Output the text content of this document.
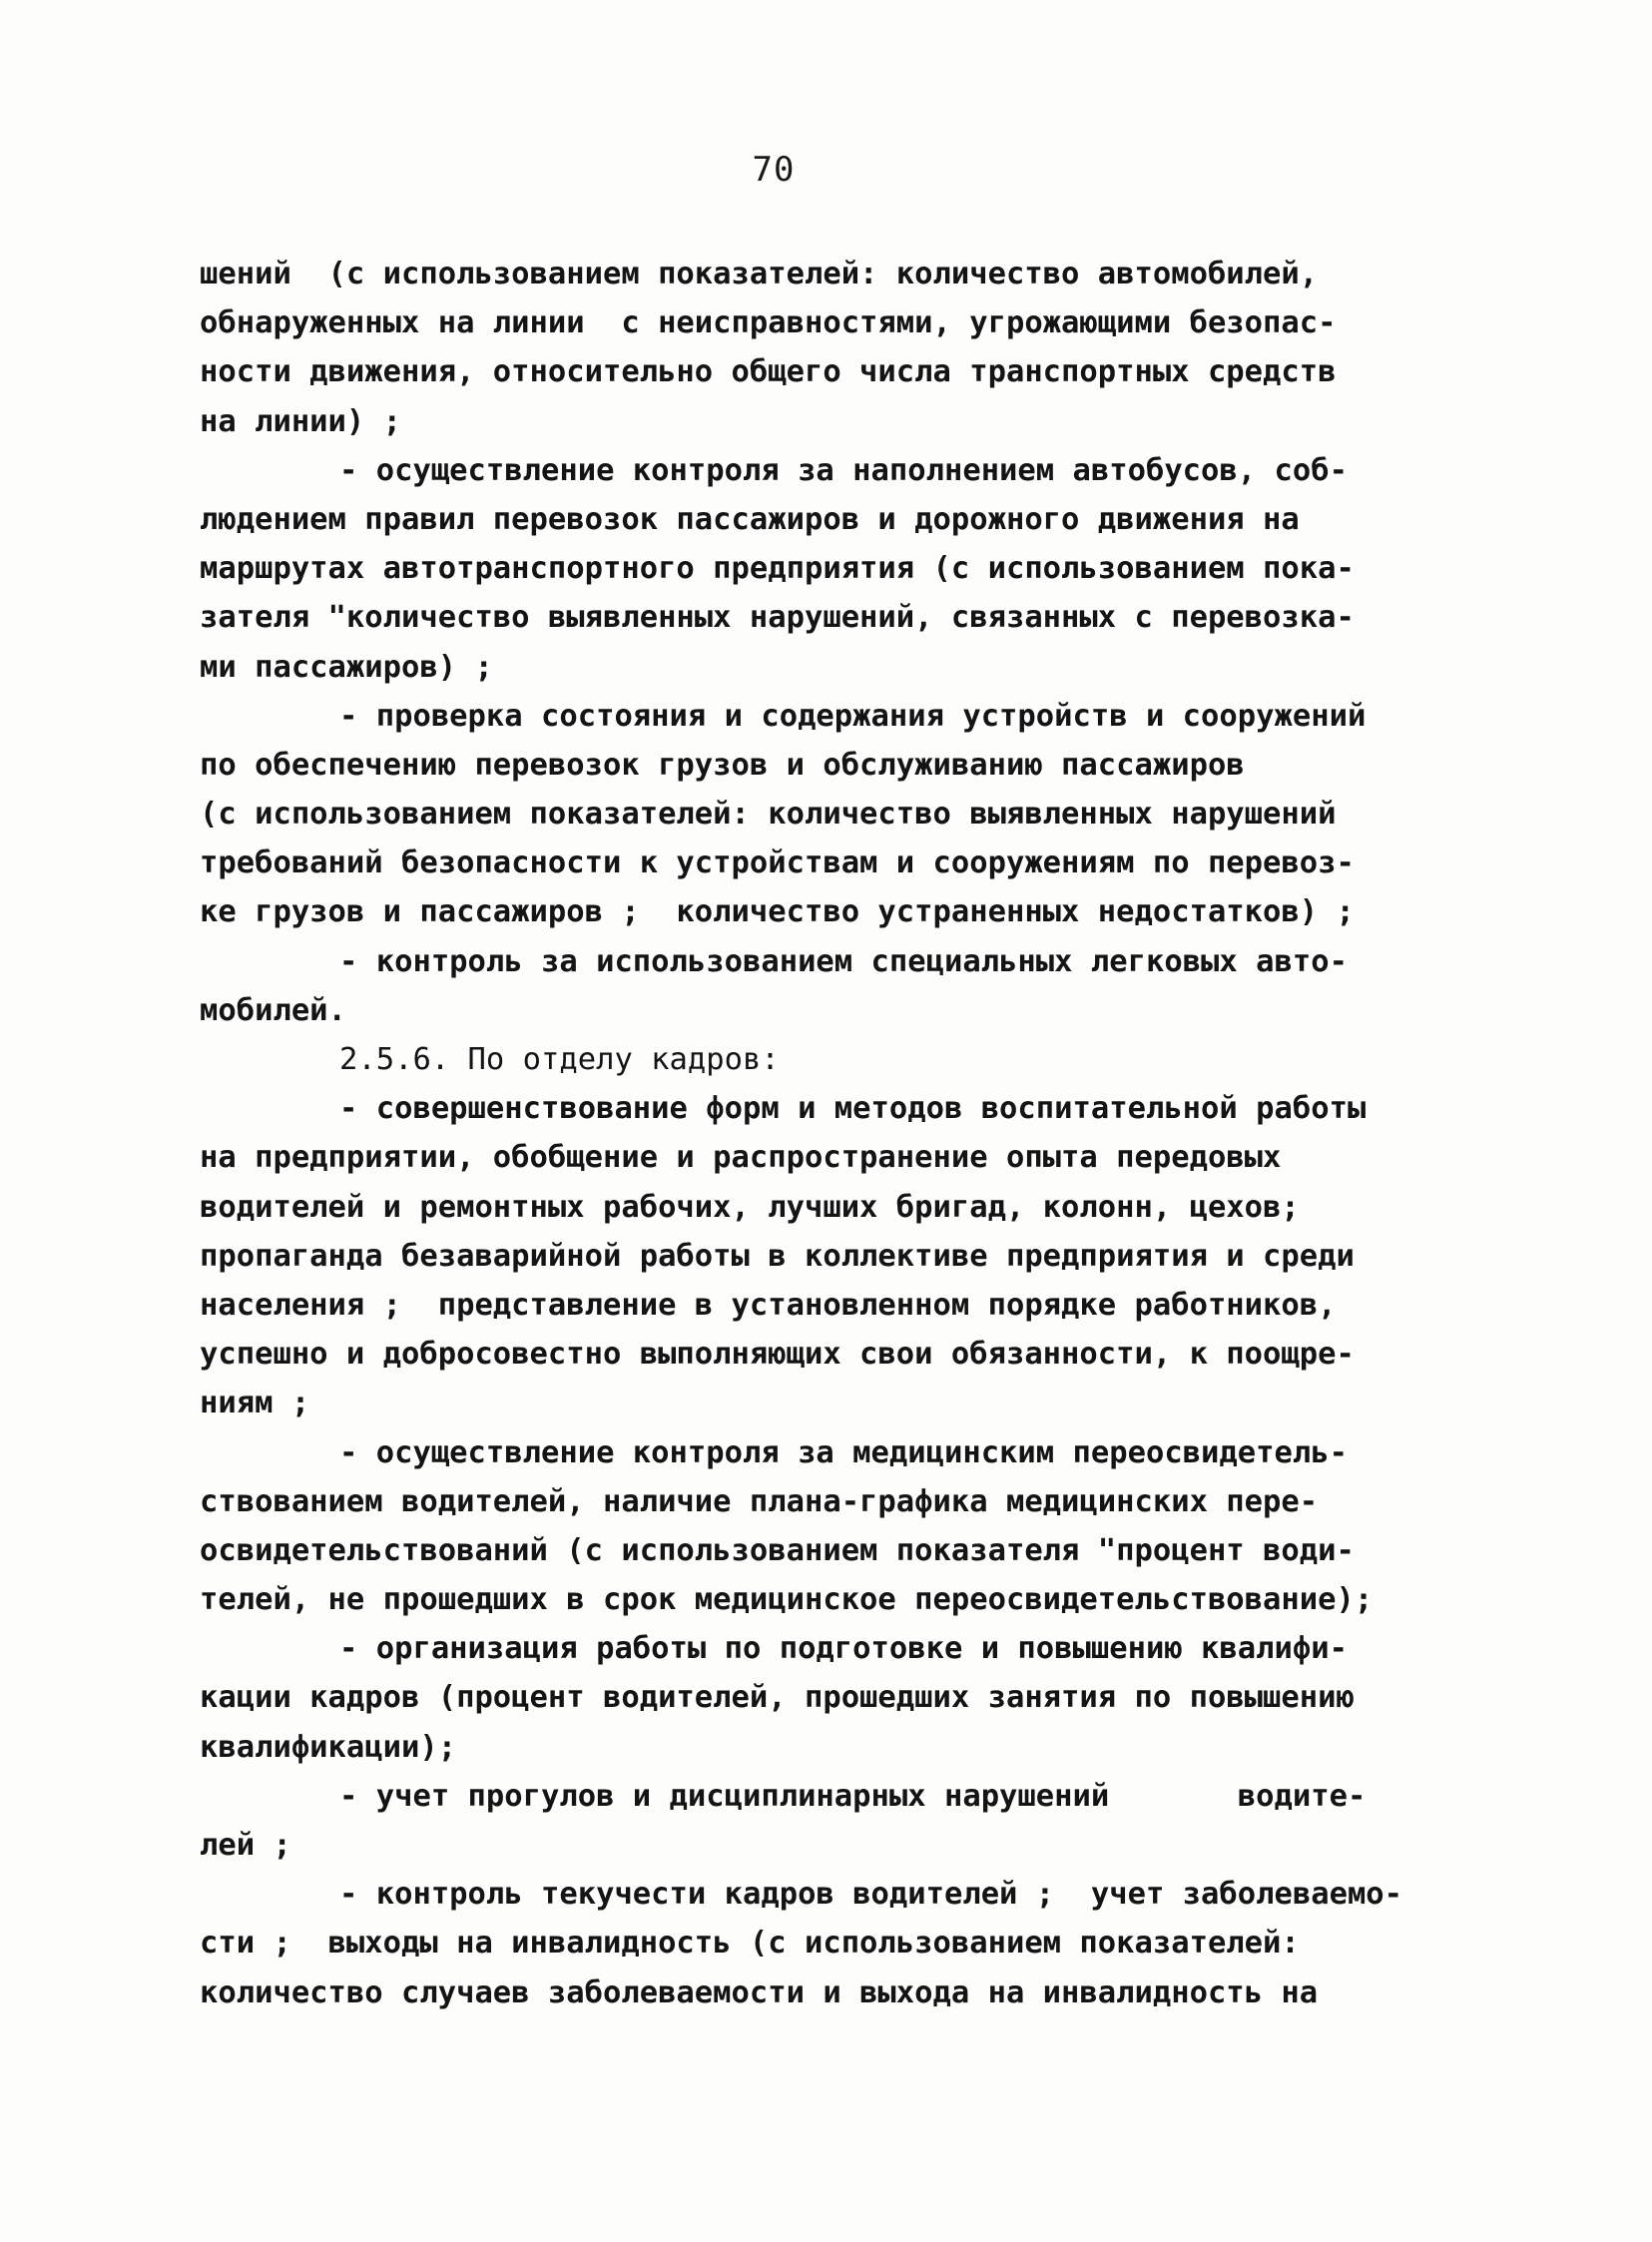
70
шений  (с использованием показателей: количество автомобилей,
обнаруженных на линии  с неисправностями, угрожающими безопас-
ности движения, относительно общего числа транспортных средств
на линии) ;
- осуществление контроля за наполнением автобусов, соб-
людением правил перевозок пассажиров и дорожного движения на
маршрутах автотранспортного предприятия (с использованием пока-
зателя "количество выявленных нарушений, связанных с перевозка-
ми пассажиров) ;
- проверка состояния и содержания устройств и сооружений
по обеспечению перевозок грузов и обслуживанию пассажиров
(с использованием показателей: количество выявленных нарушений
требований безопасности к устройствам и сооружениям по перевоз-
ке грузов и пассажиров ;  количество устраненных недостатков) ;
- контроль за использованием специальных легковых авто-
мобилей.
2.5.6. По отделу кадров:
- совершенствование форм и методов воспитательной работы
на предприятии, обобщение и распространение опыта передовых
водителей и ремонтных рабочих, лучших бригад, колонн, цехов;
пропаганда безаварийной работы в коллективе предприятия и среди
населения ;  представление в установленном порядке работников,
успешно и добросовестно выполняющих свои обязанности, к поощре-
ниям ;
- осуществление контроля за медицинским переосвидетель-
ствованием водителей, наличие плана-графика медицинских пере-
освидетельствований (с использованием показателя "процент води-
телей, не прошедших в срок медицинское переосвидетельствование);
- организация работы по подготовке и повышению квалифи-
кации кадров (процент водителей, прошедших занятия по повышению
квалификации);
- учет прогулов и дисциплинарных нарушений       водите-
лей ;
- контроль текучести кадров водителей ;  учет заболеваемо-
сти ;  выходы на инвалидность (с использованием показателей:
количество случаев заболеваемости и выхода на инвалидность на
